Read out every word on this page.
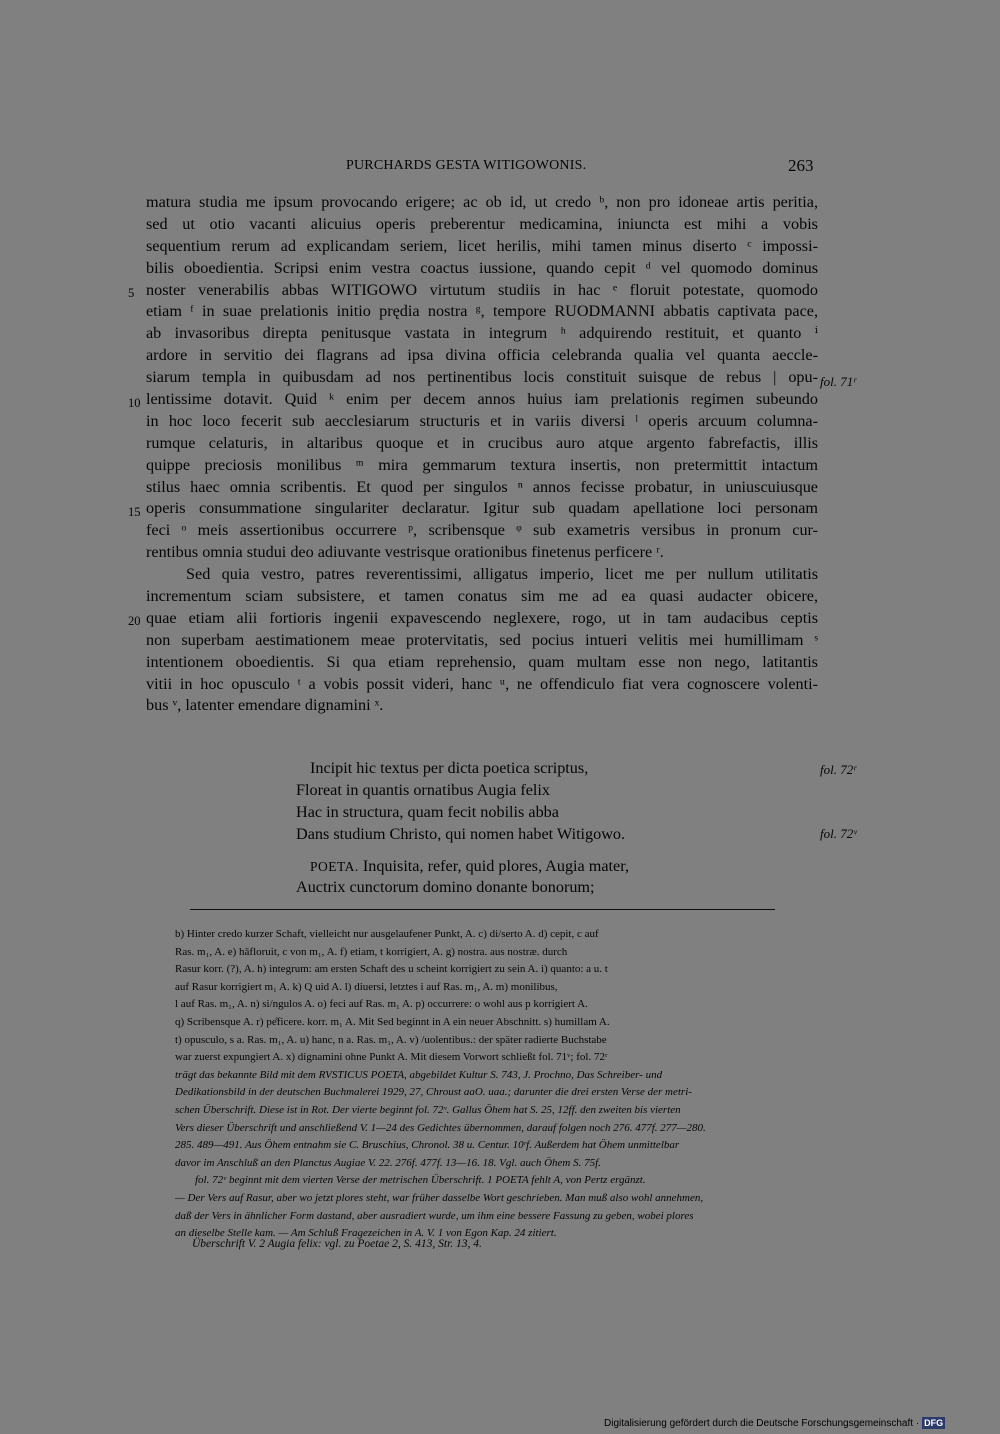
PURCHARDS GESTA WITIGOWONIS.	263
matura studia me ipsum provocando erigere; ac ob id, ut credo ᵇ, non pro idoneae artis peritia,
sed ut otio vacanti alicuius operis preberentur medicamina, iniuncta est mihi a vobis
sequentium rerum ad explicandam seriem, licet herilis, mihi tamen minus diserto ᶜ impossi-
bilis oboedientia. Scripsi enim vestra coactus iussione, quando cepit ᵈ vel quomodo dominus
noster venerabilis abbas WITIGOWO virtutum studiis in hac ᵉ floruit potestate, quomodo
etiam ᶠ in suae prelationis initio prędia nostra ᵍ, tempore RUODMANNI abbatis captivata pace,
ab invasoribus direpta penitusque vastata in integrum ʰ adquirendo restituit, et quanto ⁱ
ardore in servitio dei flagrans ad ipsa divina officia celebranda qualia vel quanta aeccle-
siarum templa in quibusdam ad nos pertinentibus locis constituit suisque de rebus | opu-
lentissime dotavit. Quid ᵏ enim per decem annos huius iam prelationis regimen subeundo
in hoc loco fecerit sub aecclesiarum structuris et in variis diversi ˡ operis arcuum columna-
rumque celaturis, in altaribus quoque et in crucibus auro atque argento fabrefactis, illis
quippe preciosis monilibus ᵐ mira gemmarum textura insertis, non pretermittit intactum
stilus haec omnia scribentis. Et quod per singulos ⁿ annos fecisse probatur, in uniuscuiusque
operis consummatione singulariter declaratur. Igitur sub quadam apellatione loci personam
feci ᵒ meis assertionibus occurrere ᵖ, scribensque ᵠ sub exametris versibus in pronum cur-
rentibus omnia studui deo adiuvante vestrisque orationibus finetenus perficere ʳ.
Sed quia vestro, patres reverentissimi, alligatus imperio, licet me per nullum utilitatis
incrementum sciam subsistere, et tamen conatus sim me ad ea quasi audacter obicere,
quae etiam alii fortioris ingenii expavescendo neglexere, rogo, ut in tam audacibus ceptis
non superbam aestimationem meae protervitatis, sed pocius intueri velitis mei humillimam ˢ
intentionem oboedientis. Si qua etiam reprehensio, quam multam esse non nego, latitantis
vitii in hoc opusculo ᵗ a vobis possit videri, hanc ᵘ, ne offendiculo fiat vera cognoscere volenti-
bus ᵛ, latenter emendare dignamini ˣ.
5
10
15
20
fol. 71ʳ
fol. 72ʳ
fol. 72ᵛ
Incipit hic textus per dicta poetica scriptus,
Floreat in quantis ornatibus Augia felix
Hac in structura, quam fecit nobilis abba
Dans studium Christo, qui nomen habet Witigowo.
POETA. Inquisita, refer, quid plores, Augia mater,
Auctrix cunctorum domino donante bonorum;
b) Hinter credo kurzer Schaft, vielleicht nur ausgelaufener Punkt, A. c) di/serto A. d) cepit, c auf
Ras. m₁, A. e) hāfloruit, c von m₁, A. f) etiam, t korrigiert, A. g) nostra. aus nostræ. durch
Rasur korr. (?), A. h) integrum: am ersten Schaft des u scheint korrigiert zu sein A. i) quanto: a u. t
auf Rasur korrigiert m₁ A. k) Q uid A. l) diuersi, letztes i auf Ras. m₁, A. m) monilibus,
l auf Ras. m₁, A. n) si/ngulos A. o) feci auf Ras. m₁ A. p) occurrere: o wohl aus p korrigiert A.
q) Scribensque A. r) pe̊ficere. korr. m₁ A. Mit Sed beginnt in A ein neuer Abschnitt. s) humillam A.
t) opusculo, s a. Ras. m₁, A. u) hanc, n a. Ras. m₁, A. v) /uolentibus.: der später radierte Buchstabe
war zuerst expungiert A. x) dignamini ohne Punkt A. Mit diesem Vorwort schließt fol. 71ᵛ; fol. 72ʳ
trägt das bekannte Bild mit dem RVSTICUS POETA, abgebildet Kultur S. 743, J. Prochno, Das Schreiber- und
Dedikationsbild in der deutschen Buchmalerei 1929, 27, Chroust aaO. uaa.; darunter die drei ersten Verse der metri-
schen Überschrift. Diese ist in Rot. Der vierte beginnt fol. 72ᵛ. Gallus Öhem hat S. 25, 12ff. den zweiten bis vierten
Vers dieser Überschrift und anschließend V. 1—24 des Gedichtes übernommen, darauf folgen noch 276. 477f. 277—280.
285. 489—491. Aus Öhem entnahm sie C. Bruschius, Chronol. 38 u. Centur. 10ʳf. Außerdem hat Öhem unmittelbar
davor im Anschluß an den Planctus Augiae V. 22. 276f. 477f. 13—16. 18. Vgl. auch Öhem S. 75f.
fol. 72ᵛ beginnt mit dem vierten Verse der metrischen Überschrift. 1 POETA fehlt A, von Pertz ergänzt.
— Der Vers auf Rasur, aber wo jetzt plores steht, war früher dasselbe Wort geschrieben. Man muß also wohl annehmen,
daß der Vers in ähnlicher Form dastand, aber ausradiert wurde, um ihm eine bessere Fassung zu geben, wobei plores
an dieselbe Stelle kam. — Am Schluß Fragezeichen in A. V. 1 von Egon Kap. 24 zitiert.
Überschrift V. 2 Augia felix: vgl. zu Poetae 2, S. 413, Str. 13, 4.
Digitalisierung gefördert durch die Deutsche Forschungsgemeinschaft · DFG
